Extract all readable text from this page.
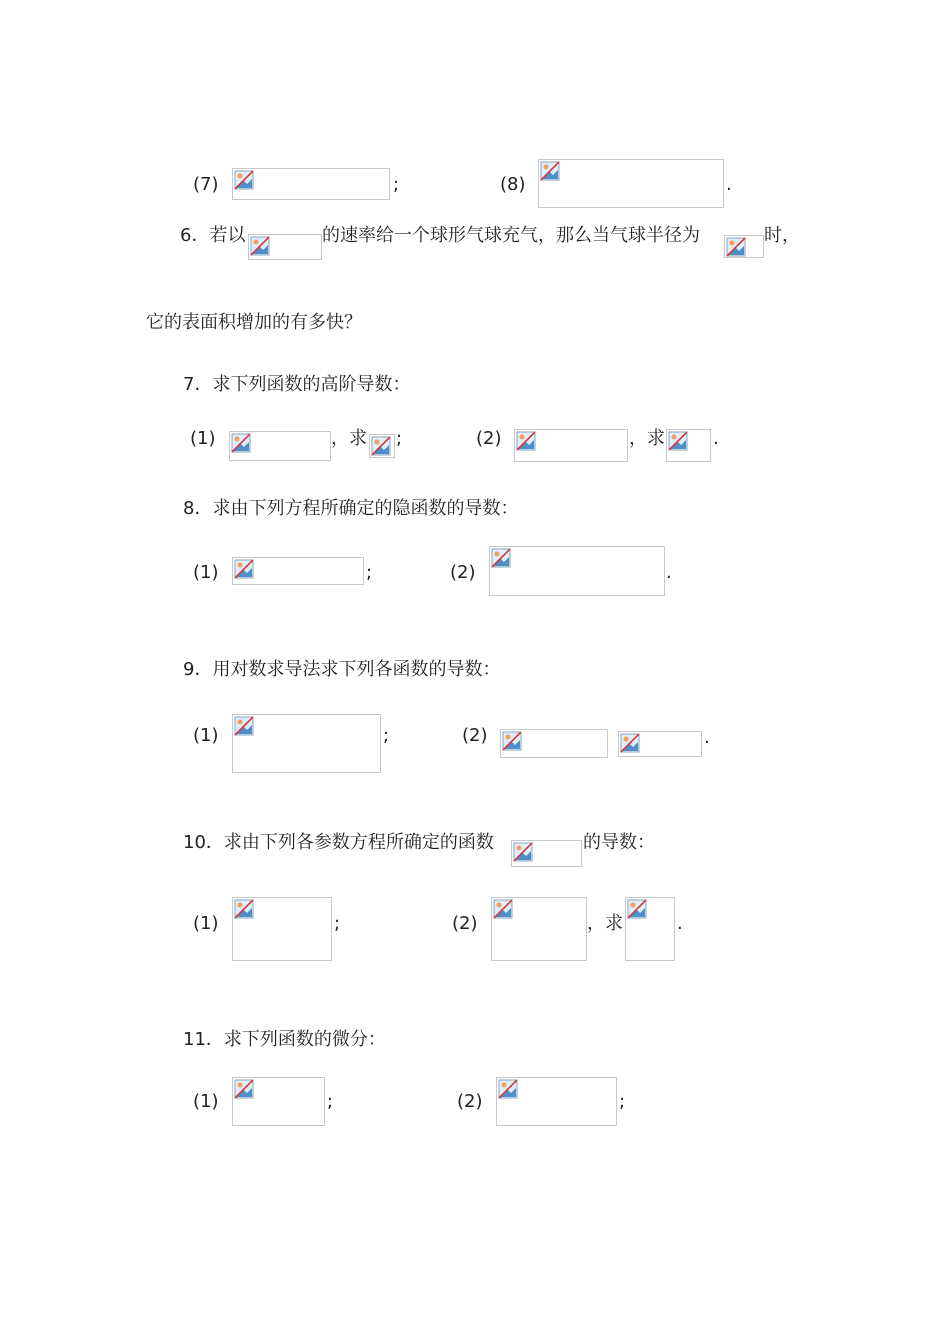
(7)	;	(8)	.
6．若以	的速率给一个球形气球充气，那么当气球半径为	时，
它的表面积增加的有多快？
7．求下列函数的高阶导数：
(1)	，求 ;	(2)	，求	.
8．求由下列方程所确定的隐函数的导数：
(1)	;	(2)	.
9．用对数求导法求下列各函数的导数：
(1)	;	(2)	.
10．求由下列各参数方程所确定的函数	的导数：
(1)	;	(2)	，求	.
11．求下列函数的微分：
(1)	;	(2)	;
